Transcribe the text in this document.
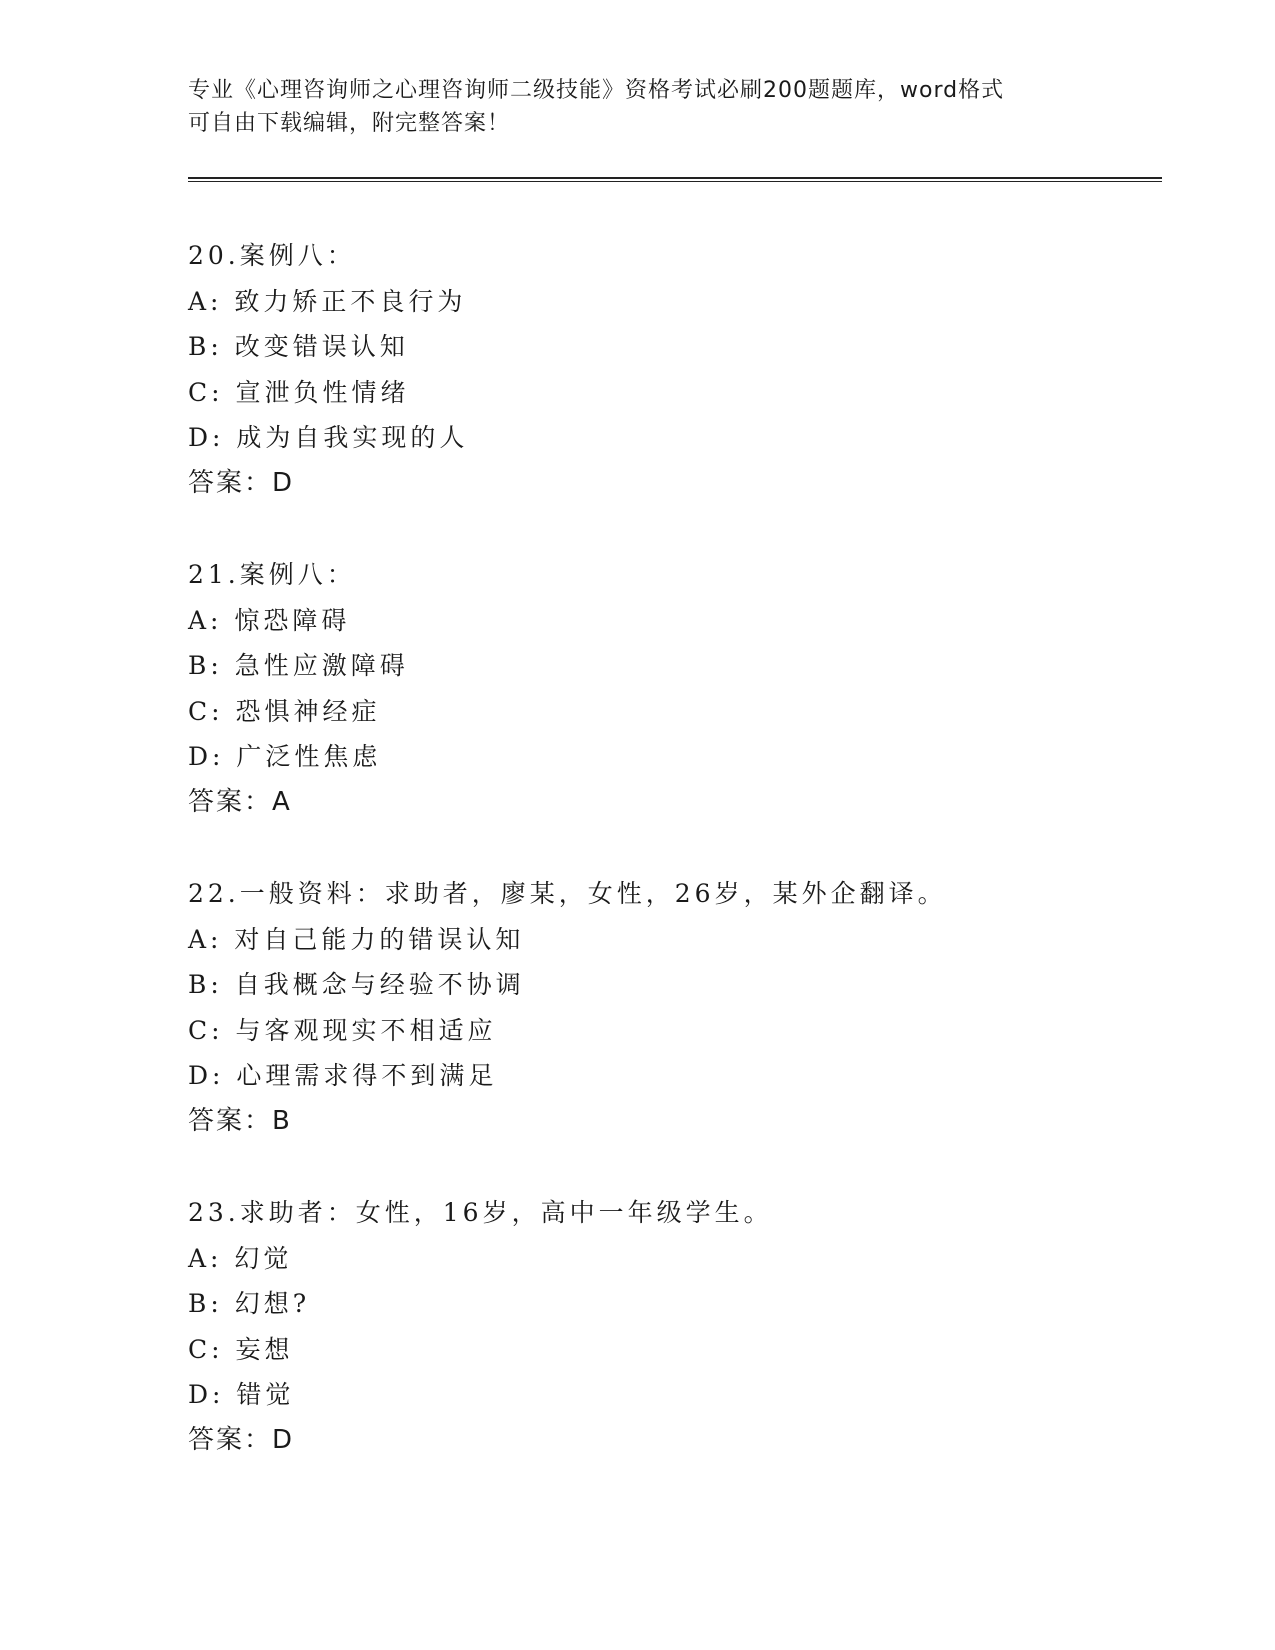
专业《心理咨询师之心理咨询师二级技能》资格考试必刷200题题库，word格式

可自由下载编辑，附完整答案！

20.案例八：
A: 致力矫正不良行为
B: 改变错误认知
C: 宣泄负性情绪
D: 成为自我实现的人
答案：D
21.案例八：
A: 惊恐障碍
B: 急性应激障碍
C: 恐惧神经症
D: 广泛性焦虑
答案：A
22.一般资料：求助者，廖某，女性，26岁，某外企翻译。
A: 对自己能力的错误认知
B: 自我概念与经验不协调
C: 与客观现实不相适应
D: 心理需求得不到满足
答案：B
23.求助者：女性，16岁，高中一年级学生。
A: 幻觉
B: 幻想?
C: 妄想
D: 错觉
答案：D
